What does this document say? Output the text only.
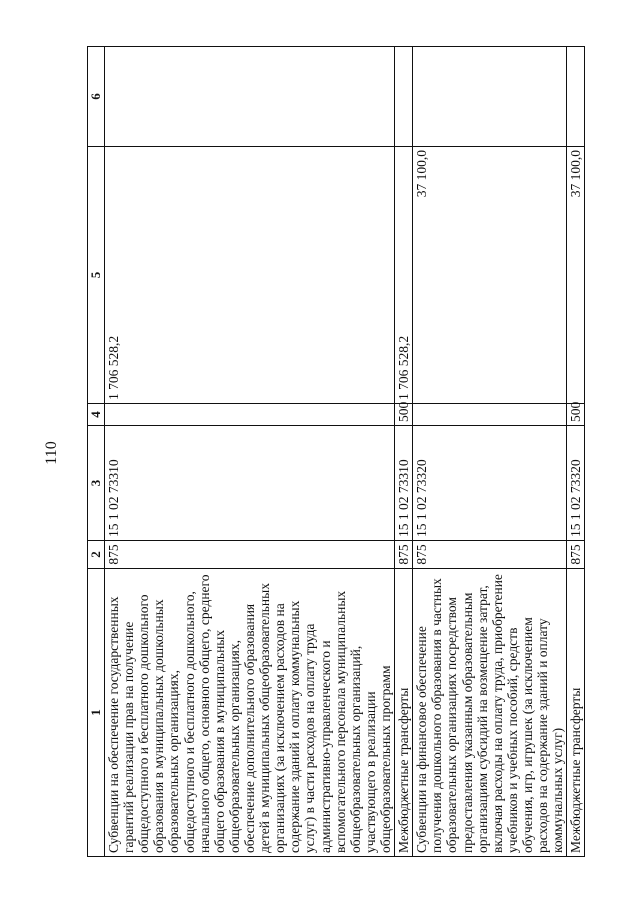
110
1	2	3	4	5	6
Субвенции на обеспечение государственных гарантий реализации прав на получение общедоступного и бесплатного дошкольного образования в муниципальных дошкольных образовательных организациях, общедоступного и бесплатного дошкольного, начального общего, основного общего, среднего общего образования в муниципальных общеобразовательных организациях, обеспечение дополнительного образования детей в муниципальных общеобразовательных организациях (за исключением расходов на содержание зданий и оплату коммунальных услуг) в части расходов на оплату труда административно-управленческого и вспомогательного персонала муниципальных общеобразовательных организаций, участвующего в реализации общеобразовательных программ	875	15 1 02 73310		1 706 528,2	
Межбюджетные трансферты	875	15 1 02 73310	500	1 706 528,2	
Субвенции на финансовое обеспечение получения дошкольного образования в частных образовательных организациях посредством предоставления указанным образовательным организациям субсидий на возмещение затрат, включая расходы на оплату труда, приобретение учебников и учебных пособий, средств обучения, игр, игрушек (за исключением расходов на содержание зданий и оплату коммунальных услуг)	875	15 1 02 73320		37 100,0	
Межбюджетные трансферты	875	15 1 02 73320	500	37 100,0	
